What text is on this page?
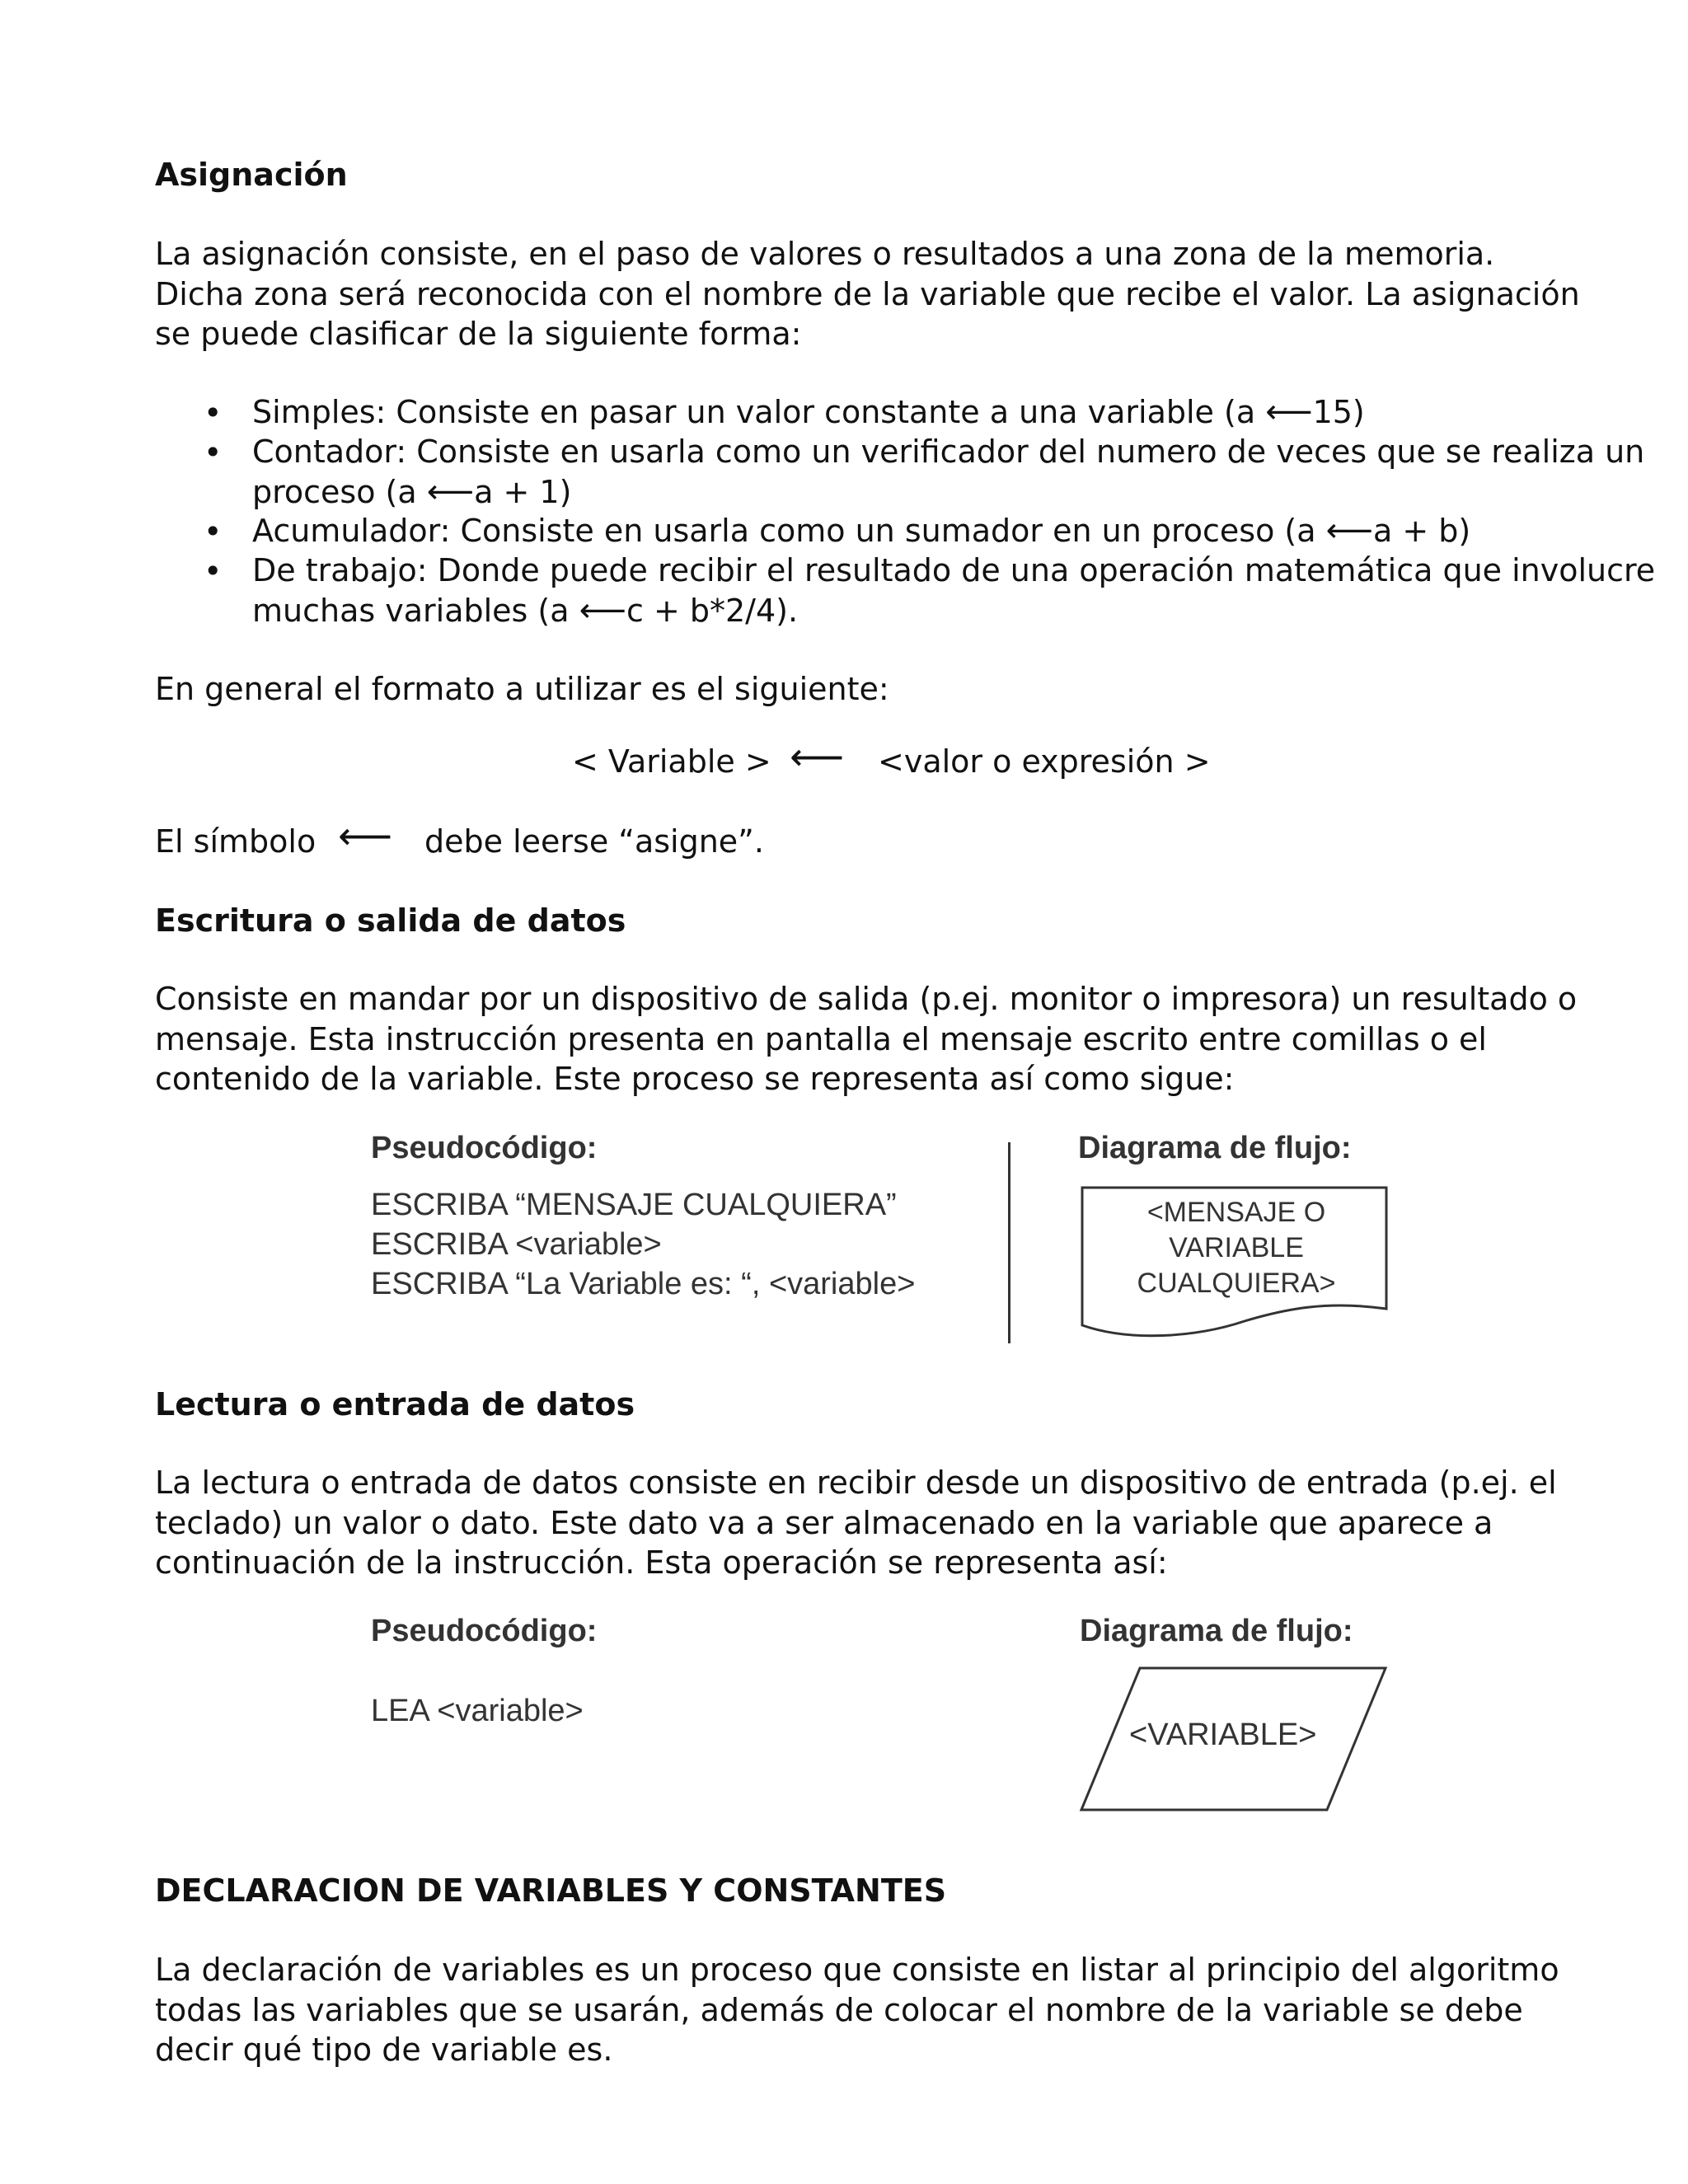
Asignación
La asignación consiste, en el paso de valores o resultados a una zona de la memoria. Dicha zona será reconocida con el nombre de la variable que recibe el valor. La asignación se puede clasificar de la siguiente forma:
• Simples: Consiste en pasar un valor constante a una variable (a ⟵15)
• Contador: Consiste en usarla como un verificador del numero de veces que se realiza un
proceso (a ⟵a + 1)
• Acumulador: Consiste en usarla como un sumador en un proceso (a ⟵a + b)
• De trabajo: Donde puede recibir el resultado de una operación matemática que involucre
muchas variables (a ⟵c + b*2/4).
En general el formato a utilizar es el siguiente:
< Variable > ⟵ <valor o expresión >
El símbolo ⟵ debe leerse “asigne”.
Escritura o salida de datos
Consiste en mandar por un dispositivo de salida (p.ej. monitor o impresora) un resultado o mensaje. Esta instrucción presenta en pantalla el mensaje escrito entre comillas o el contenido de la variable. Este proceso se representa así como sigue:
Pseudocódigo:
ESCRIBA “MENSAJE CUALQUIERA”
ESCRIBA <variable>
ESCRIBA “La Variable es: “, <variable>
Diagrama de flujo:
<MENSAJE O
VARIABLE
CUALQUIERA>
Lectura o entrada de datos
La lectura o entrada de datos consiste en recibir desde un dispositivo de entrada (p.ej. el teclado) un valor o dato. Este dato va a ser almacenado en la variable que aparece a continuación de la instrucción. Esta operación se representa así:
Pseudocódigo:
LEA <variable>
Diagrama de flujo:
<VARIABLE>
DECLARACION DE VARIABLES Y CONSTANTES
La declaración de variables es un proceso que consiste en listar al principio del algoritmo todas las variables que se usarán, además de colocar el nombre de la variable se debe decir qué tipo de variable es.
